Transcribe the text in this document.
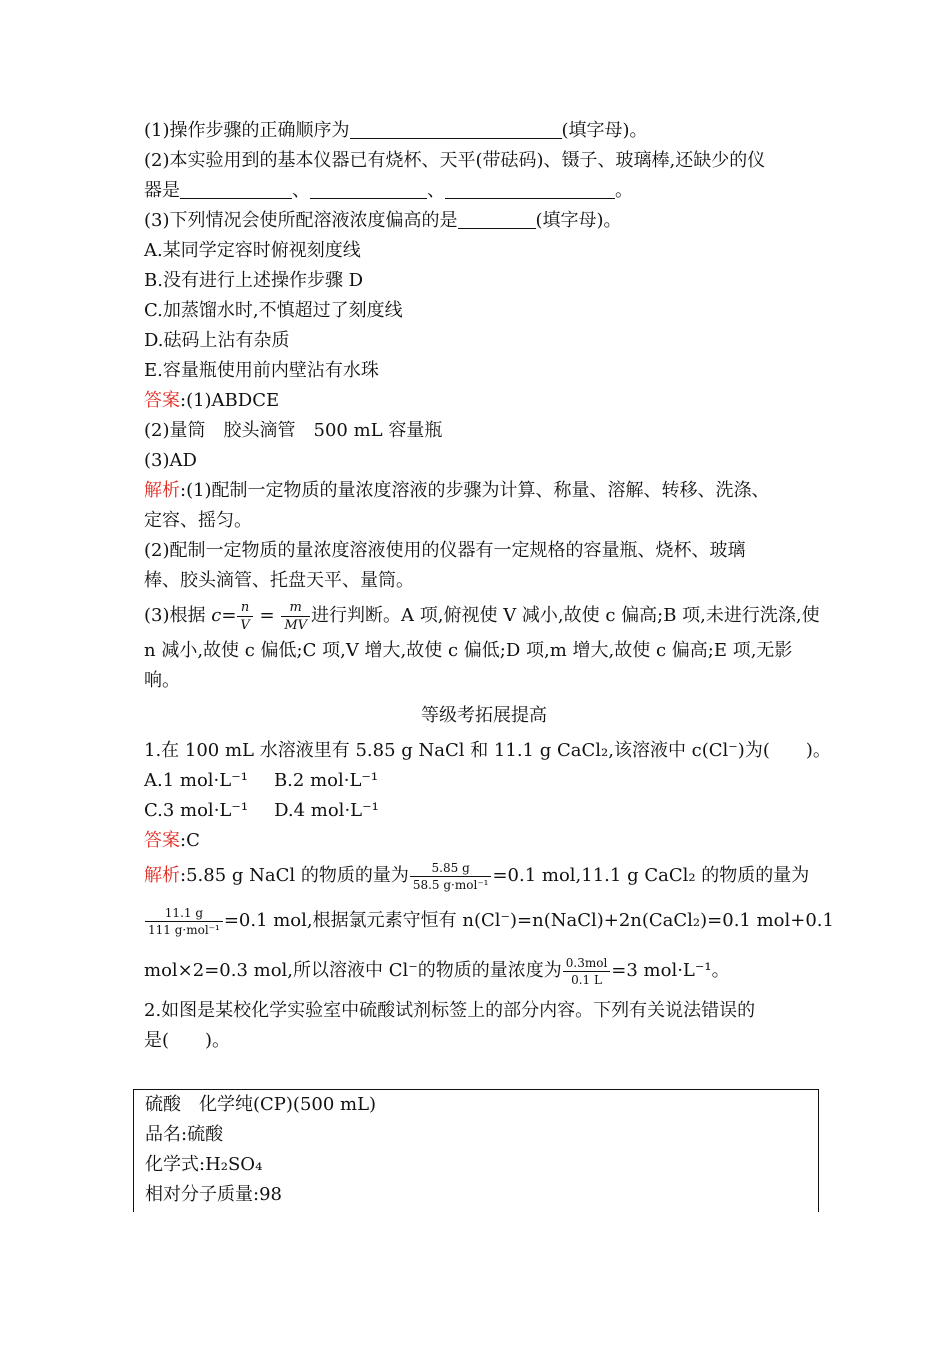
(1)操作步骤的正确顺序为	(填字母)。
(2)本实验用到的基本仪器已有烧杯、天平(带砝码)、镊子、玻璃棒,还缺少的仪
器是	、	、	。
(3)下列情况会使所配溶液浓度偏高的是	(填字母)。
A.某同学定容时俯视刻度线
B.没有进行上述操作步骤 D
C.加蒸馏水时,不慎超过了刻度线
D.砝码上沾有杂质
E.容量瓶使用前内壁沾有水珠
答案:(1)ABDCE
(2)量筒　胶头滴管　500 mL 容量瓶
(3)AD
解析:(1)配制一定物质的量浓度溶液的步骤为计算、称量、溶解、转移、洗涤、
定容、摇匀。
(2)配制一定物质的量浓度溶液使用的仪器有一定规格的容量瓶、烧杯、玻璃
棒、胶头滴管、托盘天平、量筒。
(3)根据 $c= \frac{n}{V} = \frac{m}{MV}$ 进行判断。A 项,俯视使 V 减小,故使 c 偏高;B 项,未进行洗涤,使
n 减小,故使 c 偏低;C 项,V 增大,故使 c 偏低;D 项,m 增大,故使 c 偏高;E 项,无影
响。
等级考拓展提高
1.在 100 mL 水溶液里有 5.85 g NaCl 和 11.1 g CaCl₂,该溶液中 c(Cl⁻)为(　　)。
A.1 mol·L⁻¹ B.2 mol·L⁻¹
C.3 mol·L⁻¹ D.4 mol·L⁻¹
答案:C
解析:5.85 g NaCl 的物质的量为 $\frac{5.85 g}{\text{58.5 g·mol⁻¹}} =0.1$ mol,11.1 g CaCl₂ 的物质的量为
$\frac{11.1 g}{\text{111 g·mol⁻¹}} =0.1$ mol,根据氯元素守恒有 n(Cl⁻)=n(NaCl)+2n(CaCl₂)=0.1 mol+0.1
mol×2=0.3 mol,所以溶液中 Cl⁻的物质的量浓度为 $\frac{\text{0.3mol}}{0.1 L} =3$ mol·L⁻¹。
2.如图是某校化学实验室中硫酸试剂标签上的部分内容。下列有关说法错误的
是(　　)。
硫酸　化学纯(CP)(500 mL)
品名:硫酸
化学式:H₂SO₄
相对分子质量:98
